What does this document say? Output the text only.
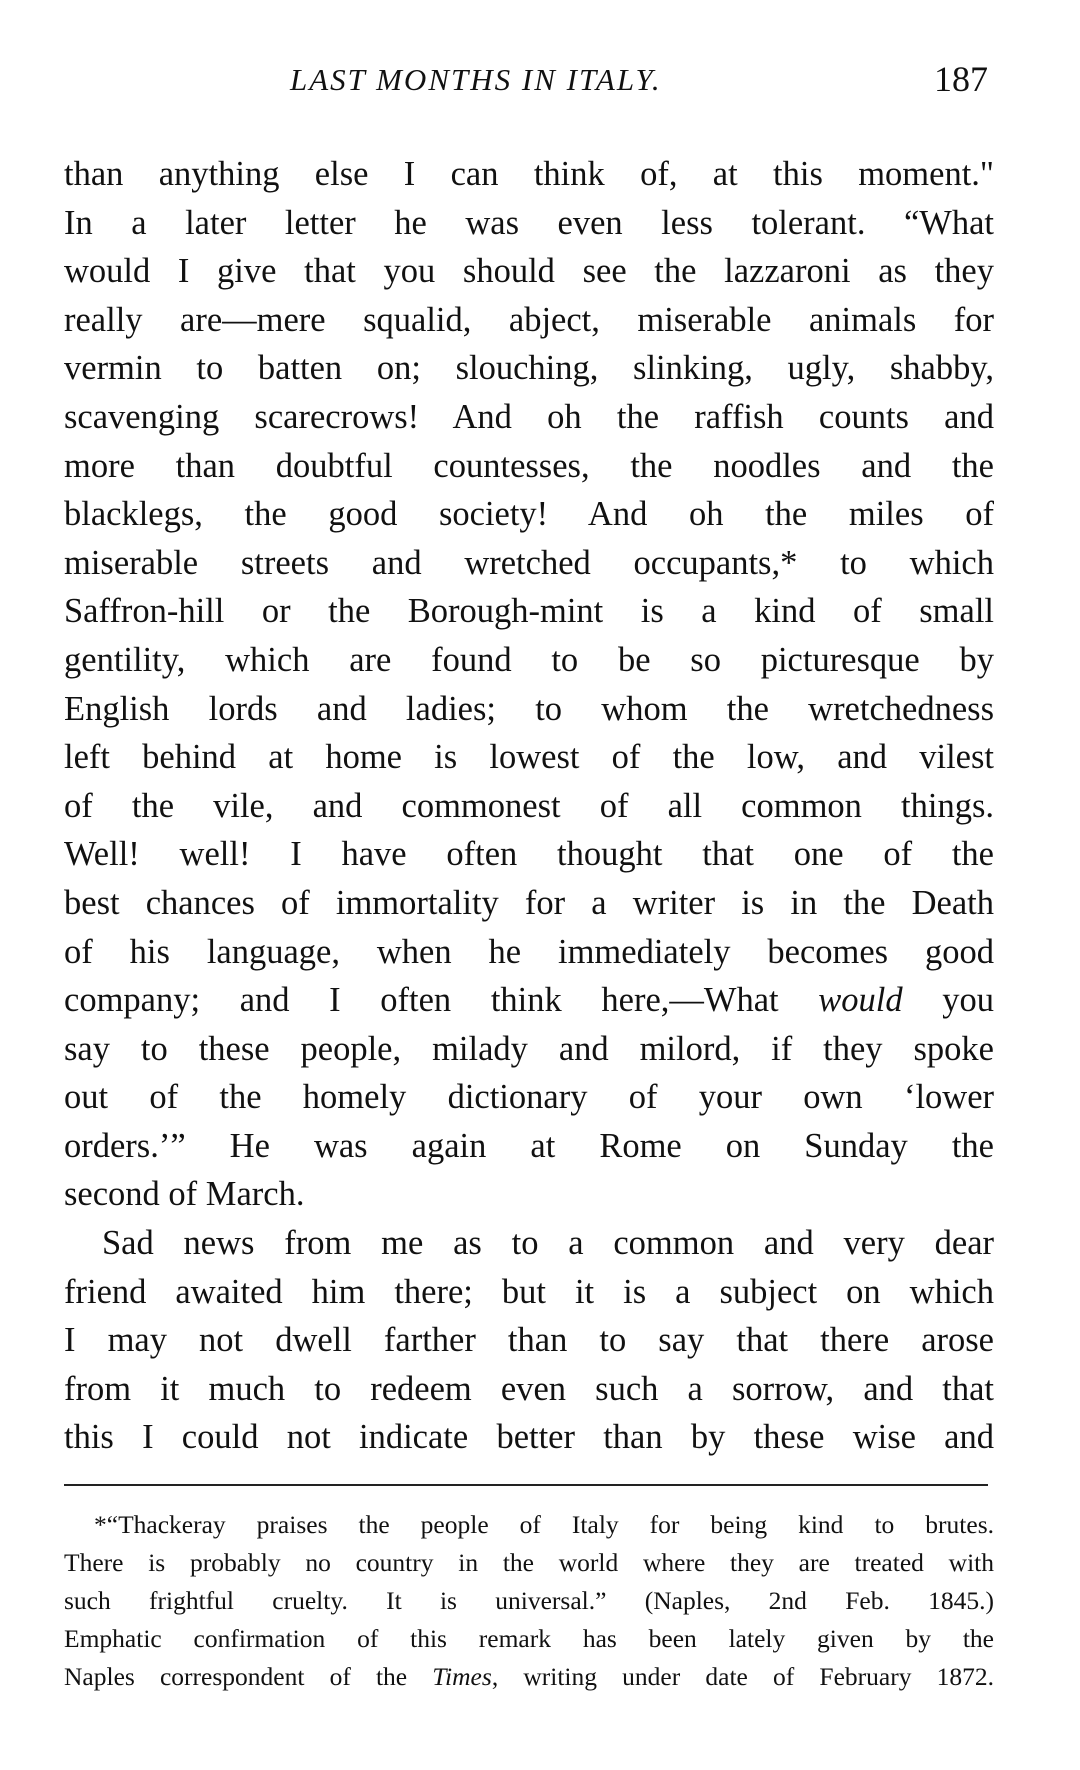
LAST MONTHS IN ITALY.	187
than anything else I can think of, at this moment."
In a later letter he was even less tolerant. “What
would I give that you should see the lazzaroni as they
really are—mere squalid, abject, miserable animals for
vermin to batten on; slouching, slinking, ugly, shabby,
scavenging scarecrows! And oh the raffish counts and
more than doubtful countesses, the noodles and the
blacklegs, the good society! And oh the miles of
miserable streets and wretched occupants,* to which
Saffron-hill or the Borough-mint is a kind of small
gentility, which are found to be so picturesque by
English lords and ladies; to whom the wretchedness
left behind at home is lowest of the low, and vilest
of the vile, and commonest of all common things.
Well! well! I have often thought that one of the
best chances of immortality for a writer is in the Death
of his language, when he immediately becomes good
company; and I often think here,—What would you
say to these people, milady and milord, if they spoke
out of the homely dictionary of your own ‘lower
orders.’” He was again at Rome on Sunday the
second of March.
Sad news from me as to a common and very dear
friend awaited him there; but it is a subject on which
I may not dwell farther than to say that there arose
from it much to redeem even such a sorrow, and that
this I could not indicate better than by these wise and
*“Thackeray praises the people of Italy for being kind to brutes.
There is probably no country in the world where they are treated with
such frightful cruelty. It is universal.” (Naples, 2nd Feb. 1845.)
Emphatic confirmation of this remark has been lately given by the
Naples correspondent of the Times, writing under date of February 1872.
